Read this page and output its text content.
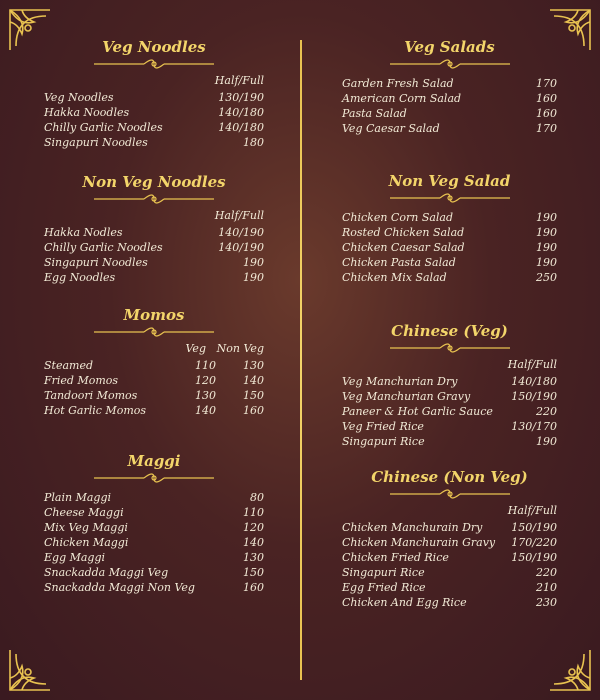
Veg Noodles
Half/Full
Veg Noodles	130/190
Hakka Noodles	140/180
Chilly Garlic Noodles	140/180
Singapuri Noodles	180
Non Veg Noodles
Half/Full
Hakka Nodles	140/190
Chilly Garlic Noodles	140/190
Singapuri Noodles	190
Egg Noodles	190
Momos
Veg Non Veg
Steamed	110	130
Fried Momos	120	140
Tandoori Momos	130	150
Hot Garlic Momos	140	160
Maggi
Plain Maggi	80
Cheese Maggi	110
Mix Veg Maggi	120
Chicken Maggi	140
Egg Maggi	130
Snackadda Maggi Veg	150
Snackadda Maggi Non Veg	160
Veg Salads
Garden Fresh Salad	170
American Corn Salad	160
Pasta Salad	160
Veg Caesar Salad	170
Non Veg Salad
Chicken Corn Salad	190
Rosted Chicken Salad	190
Chicken Caesar Salad	190
Chicken Pasta Salad	190
Chicken Mix Salad	250
Chinese (Veg)
Half/Full
Veg Manchurian Dry	140/180
Veg Manchurian Gravy	150/190
Paneer & Hot Garlic Sauce	220
Veg Fried Rice	130/170
Singapuri Rice	190
Chinese (Non Veg)
Half/Full
Chicken Manchurain Dry	150/190
Chicken Manchurain Gravy	170/220
Chicken Fried Rice	150/190
Singapuri Rice	220
Egg Fried Rice	210
Chicken And Egg Rice	230
